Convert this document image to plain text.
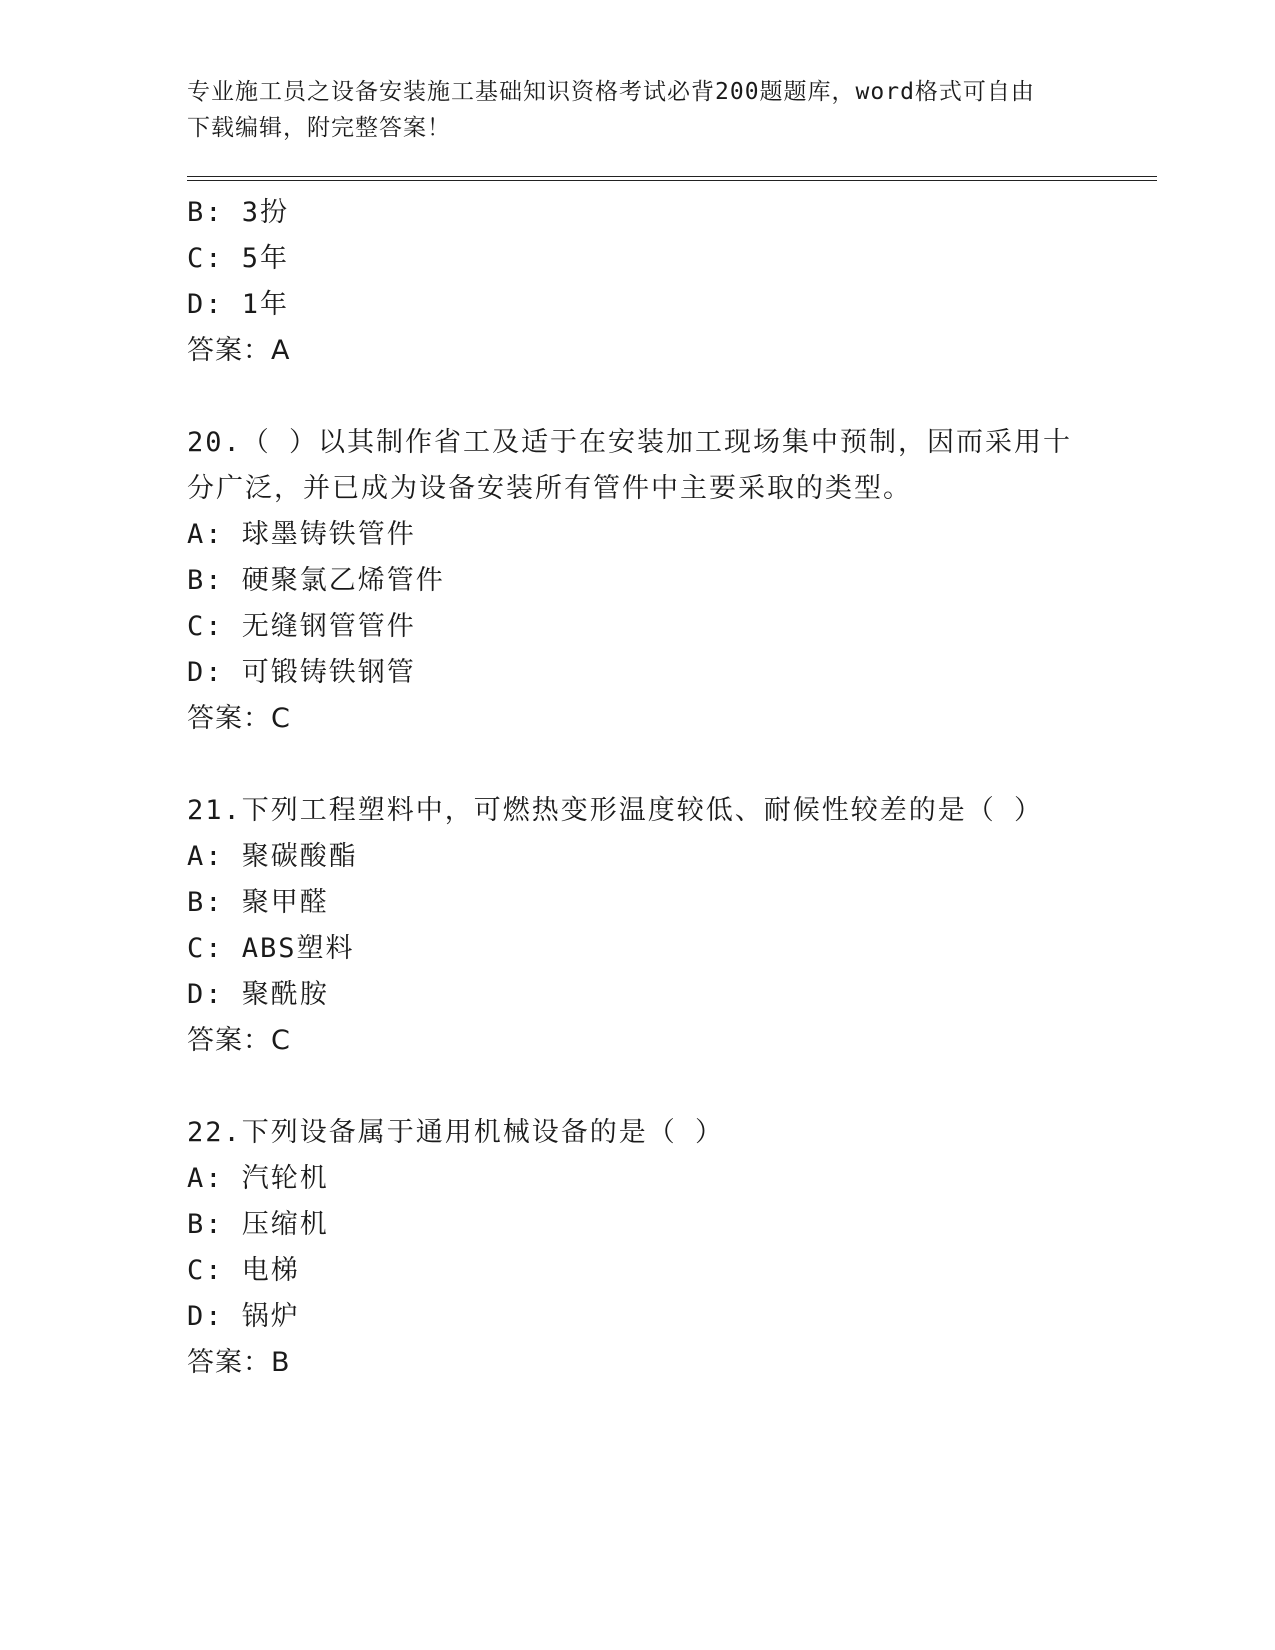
专业施工员之设备安装施工基础知识资格考试必背200题题库，word格式可自由
下载编辑，附完整答案！
B: 3扮
C: 5年
D: 1年
答案：A
20.（ ）以其制作省工及适于在安装加工现场集中预制，因而采用十
分广泛，并已成为设备安装所有管件中主要采取的类型。
A: 球墨铸铁管件
B: 硬聚氯乙烯管件
C: 无缝钢管管件
D: 可锻铸铁钢管
答案：C
21.下列工程塑料中，可燃热变形温度较低、耐候性较差的是（ ）
A: 聚碳酸酯
B: 聚甲醛
C: ABS塑料
D: 聚酰胺
答案：C
22.下列设备属于通用机械设备的是（ ）
A: 汽轮机
B: 压缩机
C: 电梯
D: 锅炉
答案：B
